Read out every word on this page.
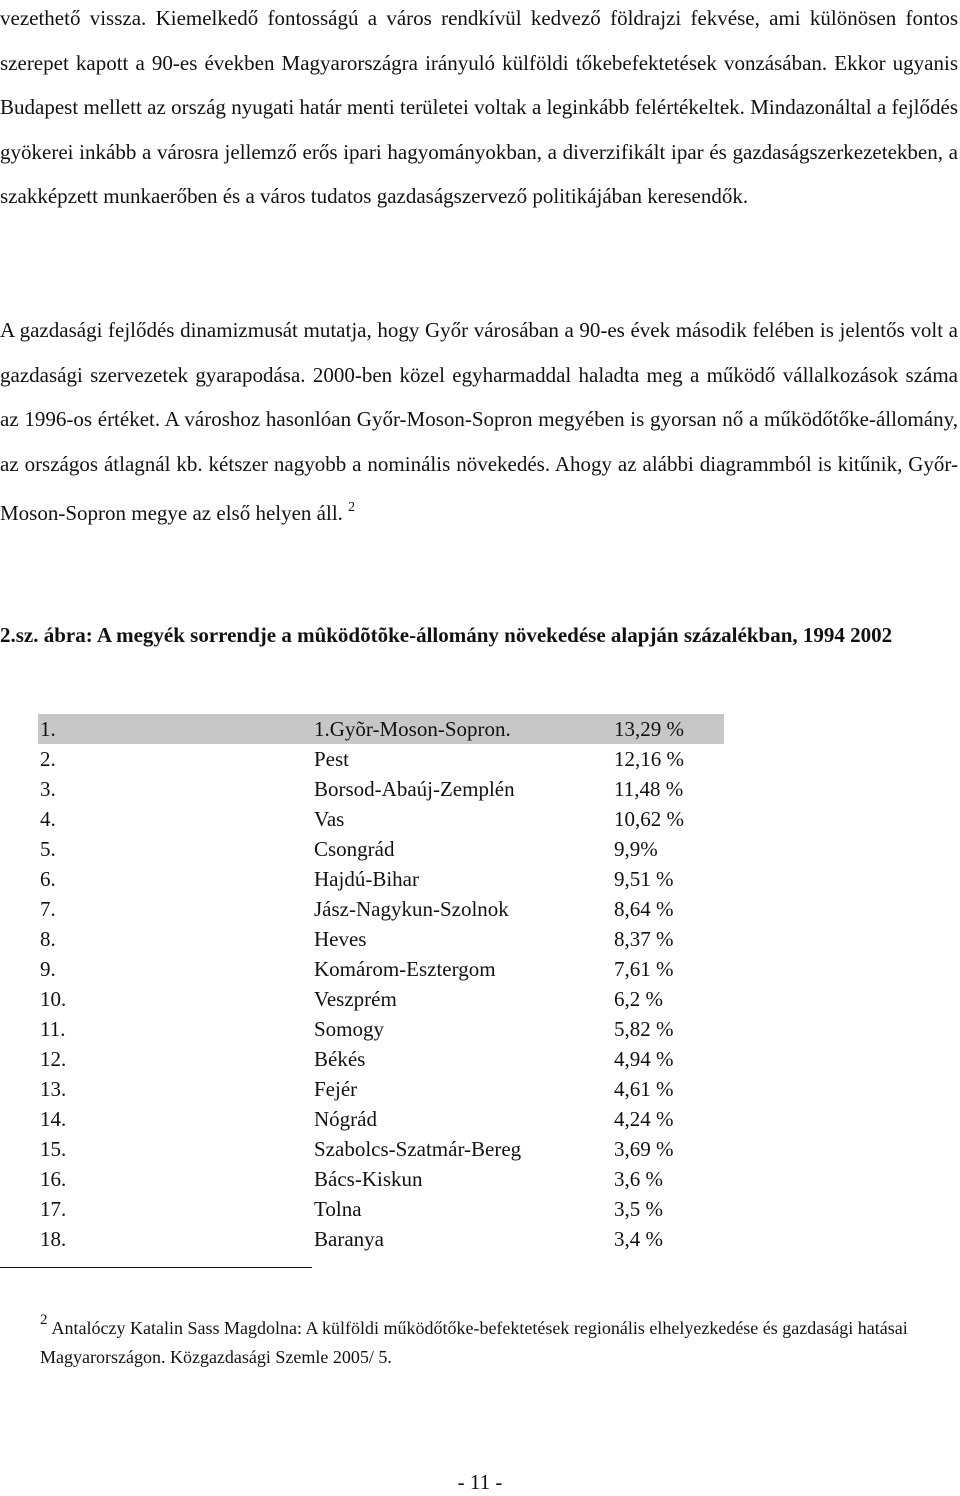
vezethető vissza. Kiemelkedő fontosságú a város rendkívül kedvező földrajzi fekvése, ami különösen fontos szerepet kapott a 90-es években Magyarországra irányuló külföldi tőkebefektetések vonzásában. Ekkor ugyanis Budapest mellett az ország nyugati határ menti területei voltak a leginkább felértékeltek. Mindazonáltal a fejlődés gyökerei inkább a városra jellemző erős ipari hagyományokban, a diverzifikált ipar és gazdaságszerkezetekben, a szakképzett munkaerőben és a város tudatos gazdaságszervező politikájában keresendők.

A gazdasági fejlődés dinamizmusát mutatja, hogy Győr városában a 90-es évek második felében is jelentős volt a gazdasági szervezetek gyarapodása. 2000-ben közel egyharmaddal haladta meg a működő vállalkozások száma az 1996-os értéket. A városhoz hasonlóan Győr-Moson-Sopron megyében is gyorsan nő a működőtőke-állomány, az országos átlagnál kb. kétszer nagyobb a nominális növekedés. Ahogy az alábbi diagrammból is kitűnik, Győr-Moson-Sopron megye az első helyen áll. $^2$

2.sz. ábra: A megyék sorrendje a mûködõtõke-állomány növekedése alapján százalékban, 1994 2002

1.	1.Gyõr-Moson-Sopron.	13,29 %
2.	Pest	12,16 %
3.	Borsod-Abaúj-Zemplén	11,48 %
4.	Vas	10,62 %
5.	Csongrád	9,9%
6.	Hajdú-Bihar	9,51 %
7.	Jász-Nagykun-Szolnok	8,64 %
8.	Heves	8,37 %
9.	Komárom-Esztergom	7,61 %
10.	Veszprém	6,2 %
11.	Somogy	5,82 %
12.	Békés	4,94 %
13.	Fejér	4,61 %
14.	Nógrád	4,24 %
15.	Szabolcs-Szatmár-Bereg	3,69 %
16.	Bács-Kiskun	3,6 %
17.	Tolna	3,5 %
18.	Baranya	3,4 %

$^2$ Antalóczy Katalin Sass Magdolna: A külföldi működőtőke-befektetések regionális elhelyezkedése és gazdasági hatásai Magyarországon. Közgazdasági Szemle 2005/ 5.

- 11 -
